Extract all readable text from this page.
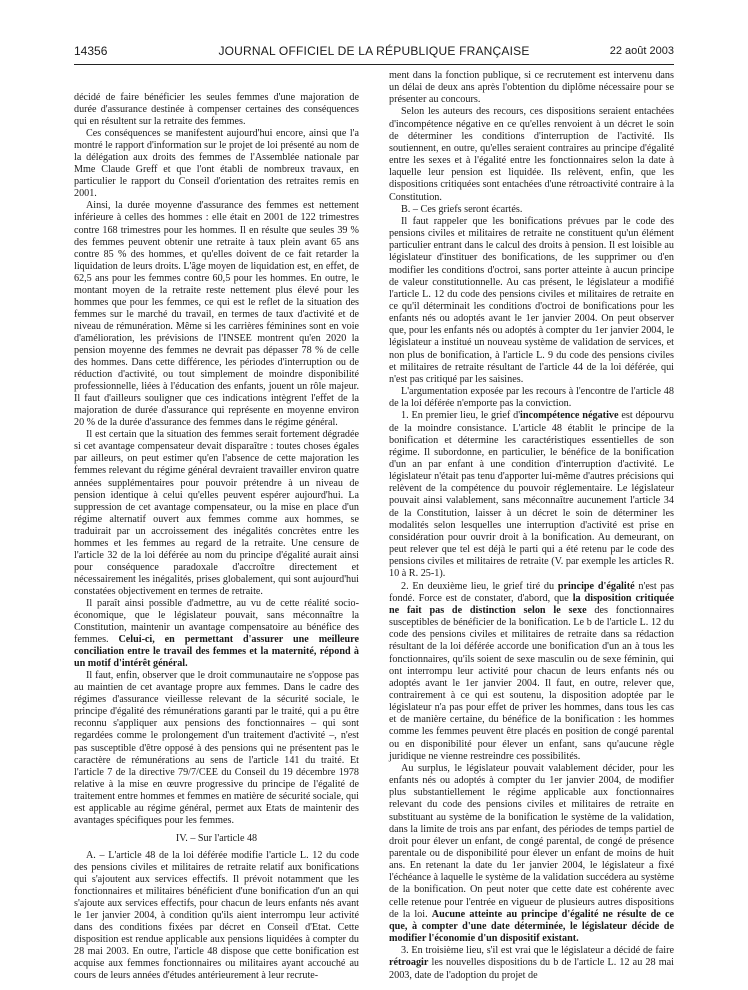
14356	JOURNAL OFFICIEL DE LA RÉPUBLIQUE FRANÇAISE	22 août 2003

décidé de faire bénéficier les seules femmes d'une majoration de durée d'assurance destinée à compenser certaines des conséquences qui en résultent sur la retraite des femmes.

Ces conséquences se manifestent aujourd'hui encore, ainsi que l'a montré le rapport d'information sur le projet de loi présenté au nom de la délégation aux droits des femmes de l'Assemblée nationale par Mme Claude Greff et que l'ont établi de nombreux travaux, en particulier le rapport du Conseil d'orientation des retraites remis en 2001.

Ainsi, la durée moyenne d'assurance des femmes est nettement inférieure à celles des hommes : elle était en 2001 de 122 trimestres contre 168 trimestres pour les hommes. Il en résulte que seules 39 % des femmes peuvent obtenir une retraite à taux plein avant 65 ans contre 85 % des hommes, et qu'elles doivent de ce fait retarder la liquidation de leurs droits. L'âge moyen de liquidation est, en effet, de 62,5 ans pour les femmes contre 60,5 pour les hommes. En outre, le montant moyen de la retraite reste nettement plus élevé pour les hommes que pour les femmes, ce qui est le reflet de la situation des femmes sur le marché du travail, en termes de taux d'activité et de niveau de rémunération. Même si les carrières féminines sont en voie d'amélioration, les prévisions de l'INSEE montrent qu'en 2020 la pension moyenne des femmes ne devrait pas dépasser 78 % de celle des hommes. Dans cette différence, les périodes d'interruption ou de réduction d'activité, ou tout simplement de moindre disponibilité professionnelle, liées à l'éducation des enfants, jouent un rôle majeur. Il faut d'ailleurs souligner que ces indications intègrent l'effet de la majoration de durée d'assurance qui représente en moyenne environ 20 % de la durée d'assurance des femmes dans le régime général.

Il est certain que la situation des femmes serait fortement dégradée si cet avantage compensateur devait disparaître : toutes choses égales par ailleurs, on peut estimer qu'en l'absence de cette majoration les femmes relevant du régime général devraient travailler environ quatre années supplémentaires pour pouvoir prétendre à un niveau de pension identique à celui qu'elles peuvent espérer aujourd'hui. La suppression de cet avantage compensateur, ou la mise en place d'un régime alternatif ouvert aux femmes comme aux hommes, se traduirait par un accroissement des inégalités concrètes entre les hommes et les femmes au regard de la retraite. Une censure de l'article 32 de la loi déférée au nom du principe d'égalité aurait ainsi pour conséquence paradoxale d'accroître directement et nécessairement les inégalités, prises globalement, qui sont aujourd'hui constatées objectivement en termes de retraite.

Il paraît ainsi possible d'admettre, au vu de cette réalité socio-économique, que le législateur pouvait, sans méconnaître la Constitution, maintenir un avantage compensatoire au bénéfice des femmes. Celui-ci, en permettant d'assurer une meilleure conciliation entre le travail des femmes et la maternité, répond à un motif d'intérêt général.

Il faut, enfin, observer que le droit communautaire ne s'oppose pas au maintien de cet avantage propre aux femmes. Dans le cadre des régimes d'assurance vieillesse relevant de la sécurité sociale, le principe d'égalité des rémunérations garanti par le traité, qui a pu être reconnu s'appliquer aux pensions des fonctionnaires – qui sont regardées comme le prolongement d'un traitement d'activité –, n'est pas susceptible d'être opposé à des pensions qui ne présentent pas le caractère de rémunérations au sens de l'article 141 du traité. Et l'article 7 de la directive 79/7/CEE du Conseil du 19 décembre 1978 relative à la mise en œuvre progressive du principe de l'égalité de traitement entre hommes et femmes en matière de sécurité sociale, qui est applicable au régime général, permet aux Etats de maintenir des avantages spécifiques pour les femmes.

IV. – Sur l'article 48

A. – L'article 48 de la loi déférée modifie l'article L. 12 du code des pensions civiles et militaires de retraite relatif aux bonifications qui s'ajoutent aux services effectifs. Il prévoit notamment que les fonctionnaires et militaires bénéficient d'une bonification d'un an qui s'ajoute aux services effectifs, pour chacun de leurs enfants nés avant le 1er janvier 2004, à condition qu'ils aient interrompu leur activité dans des conditions fixées par décret en Conseil d'Etat. Cette disposition est rendue applicable aux pensions liquidées à compter du 28 mai 2003. En outre, l'article 48 dispose que cette bonification est acquise aux femmes fonctionnaires ou militaires ayant accouché au cours de leurs années d'études antérieurement à leur recrute-

ment dans la fonction publique, si ce recrutement est intervenu dans un délai de deux ans après l'obtention du diplôme nécessaire pour se présenter au concours.

Selon les auteurs des recours, ces dispositions seraient entachées d'incompétence négative en ce qu'elles renvoient à un décret le soin de déterminer les conditions d'interruption de l'activité. Ils soutiennent, en outre, qu'elles seraient contraires au principe d'égalité entre les sexes et à l'égalité entre les fonctionnaires selon la date à laquelle leur pension est liquidée. Ils relèvent, enfin, que les dispositions critiquées sont entachées d'une rétroactivité contraire à la Constitution.

B. – Ces griefs seront écartés.

Il faut rappeler que les bonifications prévues par le code des pensions civiles et militaires de retraite ne constituent qu'un élément particulier entrant dans le calcul des droits à pension. Il est loisible au législateur d'instituer des bonifications, de les supprimer ou d'en modifier les conditions d'octroi, sans porter atteinte à aucun principe de valeur constitutionnelle. Au cas présent, le législateur a modifié l'article L. 12 du code des pensions civiles et militaires de retraite en ce qu'il déterminait les conditions d'octroi de bonifications pour les enfants nés ou adoptés avant le 1er janvier 2004. On peut observer que, pour les enfants nés ou adoptés à compter du 1er janvier 2004, le législateur a institué un nouveau système de validation de services, et non plus de bonification, à l'article L. 9 du code des pensions civiles et militaires de retraite résultant de l'article 44 de la loi déférée, qui n'est pas critiqué par les saisines.

L'argumentation exposée par les recours à l'encontre de l'article 48 de la loi déférée n'emporte pas la conviction.

1. En premier lieu, le grief d'incompétence négative est dépourvu de la moindre consistance. L'article 48 établit le principe de la bonification et détermine les caractéristiques essentielles de son régime. Il subordonne, en particulier, le bénéfice de la bonification d'un an par enfant à une condition d'interruption d'activité. Le législateur n'était pas tenu d'apporter lui-même d'autres précisions qui relèvent de la compétence du pouvoir réglementaire. Le législateur pouvait ainsi valablement, sans méconnaître aucunement l'article 34 de la Constitution, laisser à un décret le soin de déterminer les modalités selon lesquelles une interruption d'activité est prise en considération pour ouvrir droit à la bonification. Au demeurant, on peut relever que tel est déjà le parti qui a été retenu par le code des pensions civiles et militaires de retraite (V. par exemple les articles R. 10 à R. 25-1).

2. En deuxième lieu, le grief tiré du principe d'égalité n'est pas fondé. Force est de constater, d'abord, que la disposition critiquée ne fait pas de distinction selon le sexe des fonctionnaires susceptibles de bénéficier de la bonification. Le b de l'article L. 12 du code des pensions civiles et militaires de retraite dans sa rédaction résultant de la loi déférée accorde une bonification d'un an à tous les fonctionnaires, qu'ils soient de sexe masculin ou de sexe féminin, qui ont interrompu leur activité pour chacun de leurs enfants nés ou adoptés avant le 1er janvier 2004. Il faut, en outre, relever que, contrairement à ce qui est soutenu, la disposition adoptée par le législateur n'a pas pour effet de priver les hommes, dans tous les cas et de manière certaine, du bénéfice de la bonification : les hommes comme les femmes peuvent être placés en position de congé parental ou en disponibilité pour élever un enfant, sans qu'aucune règle juridique ne vienne restreindre ces possibilités.

Au surplus, le législateur pouvait valablement décider, pour les enfants nés ou adoptés à compter du 1er janvier 2004, de modifier plus substantiellement le régime applicable aux fonctionnaires relevant du code des pensions civiles et militaires de retraite en substituant au système de la bonification le système de la validation, dans la limite de trois ans par enfant, des périodes de temps partiel de droit pour élever un enfant, de congé parental, de congé de présence parentale ou de disponibilité pour élever un enfant de moins de huit ans. En retenant la date du 1er janvier 2004, le législateur a fixé l'échéance à laquelle le système de la validation succédera au système de la bonification. On peut noter que cette date est cohérente avec celle retenue pour l'entrée en vigueur de plusieurs autres dispositions de la loi. Aucune atteinte au principe d'égalité ne résulte de ce que, à compter d'une date déterminée, le législateur décide de modifier l'économie d'un dispositif existant.

3. En troisième lieu, s'il est vrai que le législateur a décidé de faire rétroagir les nouvelles dispositions du b de l'article L. 12 au 28 mai 2003, date de l'adoption du projet de
